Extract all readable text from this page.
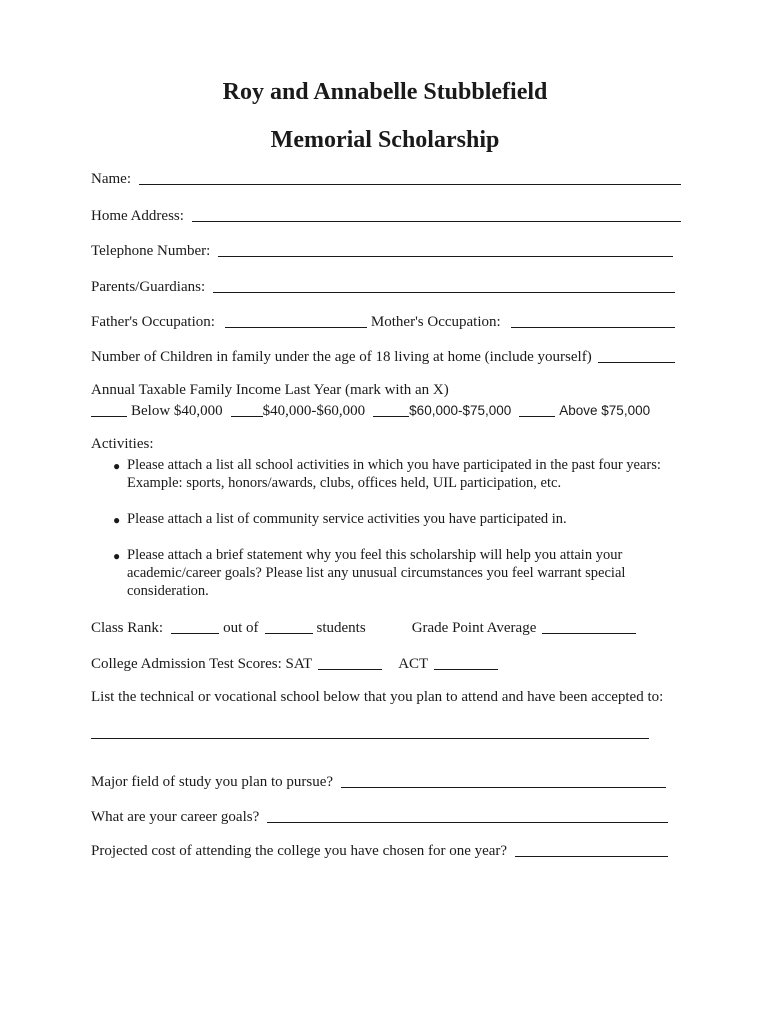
Roy and Annabelle Stubblefield
Memorial Scholarship
Name:
Home Address:
Telephone Number:
Parents/Guardians:
Father's Occupation:	Mother's Occupation:
Number of Children in family under the age of 18 living at home (include yourself)
Annual Taxable Family Income Last Year (mark with an X)
Below $40,000	$40,000-$60,000	$60,000-$75,000	Above $75,000
Activities:
● Please attach a list all school activities in which you have participated in the past four years: Example: sports, honors/awards, clubs, offices held, UIL participation, etc.
● Please attach a list of community service activities you have participated in.
● Please attach a brief statement why you feel this scholarship will help you attain your academic/career goals? Please list any unusual circumstances you feel warrant special consideration.
Class Rank:	out of	students	Grade Point Average
College Admission Test Scores: SAT	ACT
List the technical or vocational school below that you plan to attend and have been accepted to:
Major field of study you plan to pursue?
What are your career goals?
Projected cost of attending the college you have chosen for one year?
